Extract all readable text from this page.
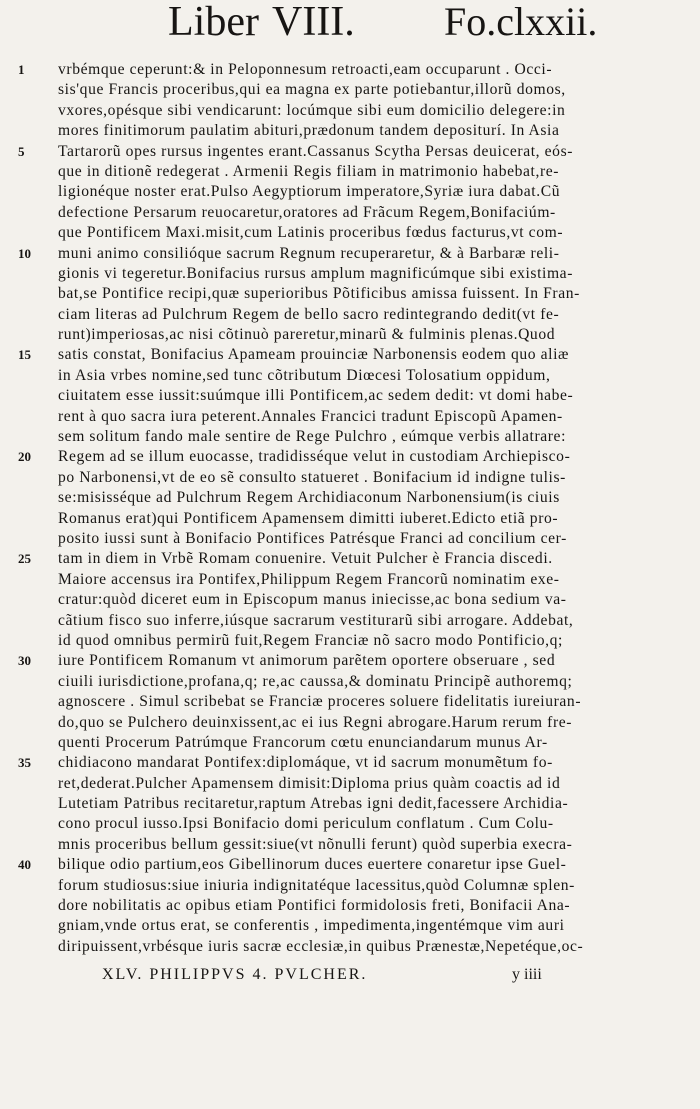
Liber VIII. Fo.clxxii.
1	vrbémque ceperunt:& in Peloponnesum retroacti,eam occuparunt . Occi-
sis'que Francis proceribus,qui ea magna ex parte potiebantur,illorũ domos,
vxores,opésque sibi vendicarunt: locúmque sibi eum domicilio delegere:in
mores finitimorum paulatim abituri,prædonum tandem depositurí. In Asia
5	Tartarorũ opes rursus ingentes erant.Cassanus Scytha Persas deuicerat, eós-
que in ditionẽ redegerat . Armenii Regis filiam in matrimonio habebat,re-
ligionéque noster erat.Pulso Aegyptiorum imperatore,Syriæ iura dabat.Cũ
defectione Persarum reuocaretur,oratores ad Frãcum Regem,Bonifaciúm-
que Pontificem Maxi.misit,cum Latinis proceribus fœdus facturus,vt com-
10	muni animo consilióque sacrum Regnum recuperaretur, & à Barbaræ reli-
gionis vi tegeretur.Bonifacius rursus amplum magnificúmque sibi existima-
bat,se Pontifice recipi,quæ superioribus Põtificibus amissa fuissent. In Fran-
ciam literas ad Pulchrum Regem de bello sacro redintegrando dedit(vt fe-
runt)imperiosas,ac nisi cõtinuò pareretur,minarũ & fulminis plenas.Quod
15	satis constat, Bonifacius Apameam prouinciæ Narbonensis eodem quo aliæ
in Asia vrbes nomine,sed tunc cõtributum Diœcesi Tolosatium oppidum,
ciuitatem esse iussit:suúmque illi Pontificem,ac sedem dedit: vt domi habe-
rent à quo sacra iura peterent.Annales Francici tradunt Episcopũ Apamen-
sem solitum fando male sentire de Rege Pulchro , eúmque verbis allatrare:
20	Regem ad se illum euocasse, tradidisséque velut in custodiam Archiepisco-
po Narbonensi,vt de eo sẽ consulto statueret . Bonifacium id indigne tulis-
se:misisséque ad Pulchrum Regem Archidiaconum Narbonensium(is ciuis
Romanus erat)qui Pontificem Apamensem dimitti iuberet.Edicto etiã pro-
posito iussi sunt à Bonifacio Pontifices Patrésque Franci ad concilium cer-
25	tam in diem in Vrbẽ Romam conuenire. Vetuit Pulcher è Francia discedi.
Maiore accensus ira Pontifex,Philippum Regem Francorũ nominatim exe-
cratur:quòd diceret eum in Episcopum manus iniecisse,ac bona sedium va-
cãtium fisco suo inferre,iúsque sacrarum vestiturarũ sibi arrogare. Addebat,
id quod omnibus permirũ fuit,Regem Franciæ nõ sacro modo Pontificio,q;
30	iure Pontificem Romanum vt animorum parẽtem oportere obseruare , sed
ciuili iurisdictione,profana,q; re,ac caussa,& dominatu Principẽ authoremq;
agnoscere . Simul scribebat se Franciæ proceres soluere fidelitatis iureiuran-
do,quo se Pulchero deuinxissent,ac ei ius Regni abrogare.Harum rerum fre-
quenti Procerum Patrúmque Francorum cœtu enunciandarum munus Ar-
35	chidiacono mandarat Pontifex:diplomáque, vt id sacrum monumẽtum fo-
ret,dederat.Pulcher Apamensem dimisit:Diploma prius quàm coactis ad id
Lutetiam Patribus recitaretur,raptum Atrebas igni dedit,facessere Archidia-
cono procul iusso.Ipsi Bonifacio domi periculum conflatum . Cum Colu-
mnis proceribus bellum gessit:siue(vt nõnulli ferunt) quòd superbia execra-
40	bilique odio partium,eos Gibellinorum duces euertere conaretur ipse Guel-
forum studiosus:siue iniuria indignitatéque lacessitus,quòd Columnæ splen-
dore nobilitatis ac opibus etiam Pontifici formidolosis freti, Bonifacii Ana-
gniam,vnde ortus erat, se conferentis , impedimenta,ingentémque vim auri
diripuissent,vrbésque iuris sacræ ecclesiæ,in quibus Prænestæ,Nepetéque,oc-
XLV. PHILIPPVS 4. PVLCHER.	y iiii
